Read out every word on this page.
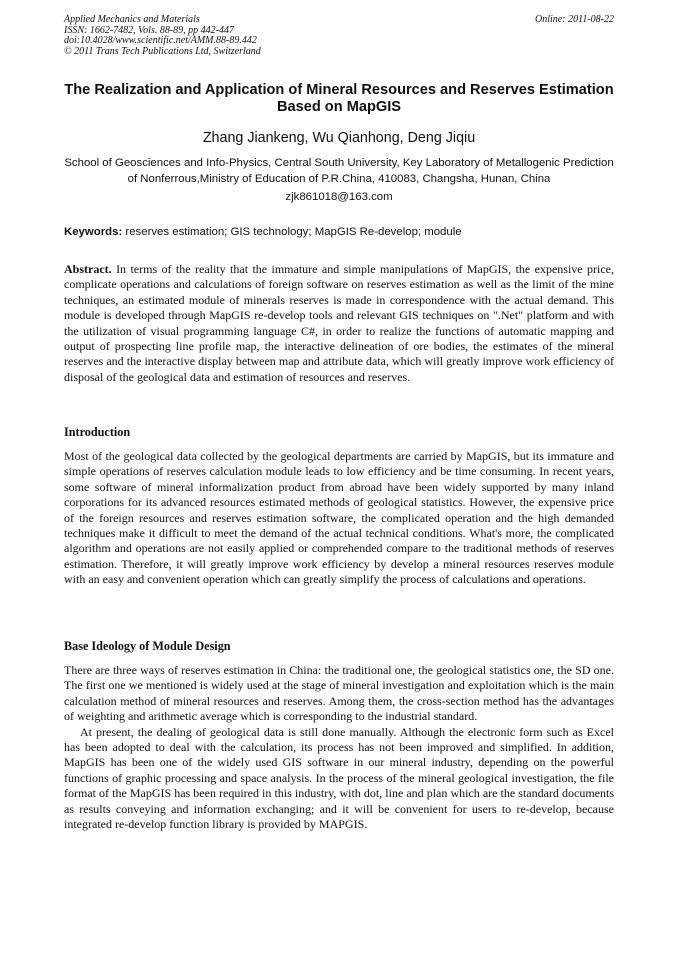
Applied Mechanics and Materials
ISSN: 1662-7482, Vols. 88-89, pp 442-447
doi:10.4028/www.scientific.net/AMM.88-89.442
© 2011 Trans Tech Publications Ltd, Switzerland
Online: 2011-08-22
The Realization and Application of Mineral Resources and Reserves Estimation Based on MapGIS
Zhang Jiankeng, Wu Qianhong, Deng Jiqiu
School of Geosciences and Info-Physics, Central South University, Key Laboratory of Metallogenic Prediction of Nonferrous,Ministry of Education of P.R.China, 410083, Changsha, Hunan, China
zjk861018@163.com
Keywords: reserves estimation; GIS technology; MapGIS Re-develop; module
Abstract. In terms of the reality that the immature and simple manipulations of MapGIS, the expensive price, complicate operations and calculations of foreign software on reserves estimation as well as the limit of the mine techniques, an estimated module of minerals reserves is made in correspondence with the actual demand. This module is developed through MapGIS re-develop tools and relevant GIS techniques on ".Net" platform and with the utilization of visual programming language C#, in order to realize the functions of automatic mapping and output of prospecting line profile map, the interactive delineation of ore bodies, the estimates of the mineral reserves and the interactive display between map and attribute data, which will greatly improve work efficiency of disposal of the geological data and estimation of resources and reserves.
Introduction

Most of the geological data collected by the geological departments are carried by MapGIS, but its immature and simple operations of reserves calculation module leads to low efficiency and be time consuming. In recent years, some software of mineral informalization product from abroad have been widely supported by many inland corporations for its advanced resources estimated methods of geological statistics. However, the expensive price of the foreign resources and reserves estimation software, the complicated operation and the high demanded techniques make it difficult to meet the demand of the actual technical conditions. What's more, the complicated algorithm and operations are not easily applied or comprehended compare to the traditional methods of reserves estimation. Therefore, it will greatly improve work efficiency by develop a mineral resources reserves module with an easy and convenient operation which can greatly simplify the process of calculations and operations.

Base Ideology of Module Design

There are three ways of reserves estimation in China: the traditional one, the geological statistics one, the SD one. The first one we mentioned is widely used at the stage of mineral investigation and exploitation which is the main calculation method of mineral resources and reserves. Among them, the cross-section method has the advantages of weighting and arithmetic average which is corresponding to the industrial standard.

At present, the dealing of geological data is still done manually. Although the electronic form such as Excel has been adopted to deal with the calculation, its process has not been improved and simplified. In addition, MapGIS has been one of the widely used GIS software in our mineral industry, depending on the powerful functions of graphic processing and space analysis. In the process of the mineral geological investigation, the file format of the MapGIS has been required in this industry, with dot, line and plan which are the standard documents as results conveying and information exchanging; and it will be convenient for users to re-develop, because integrated re-develop function library is provided by MAPGIS.
